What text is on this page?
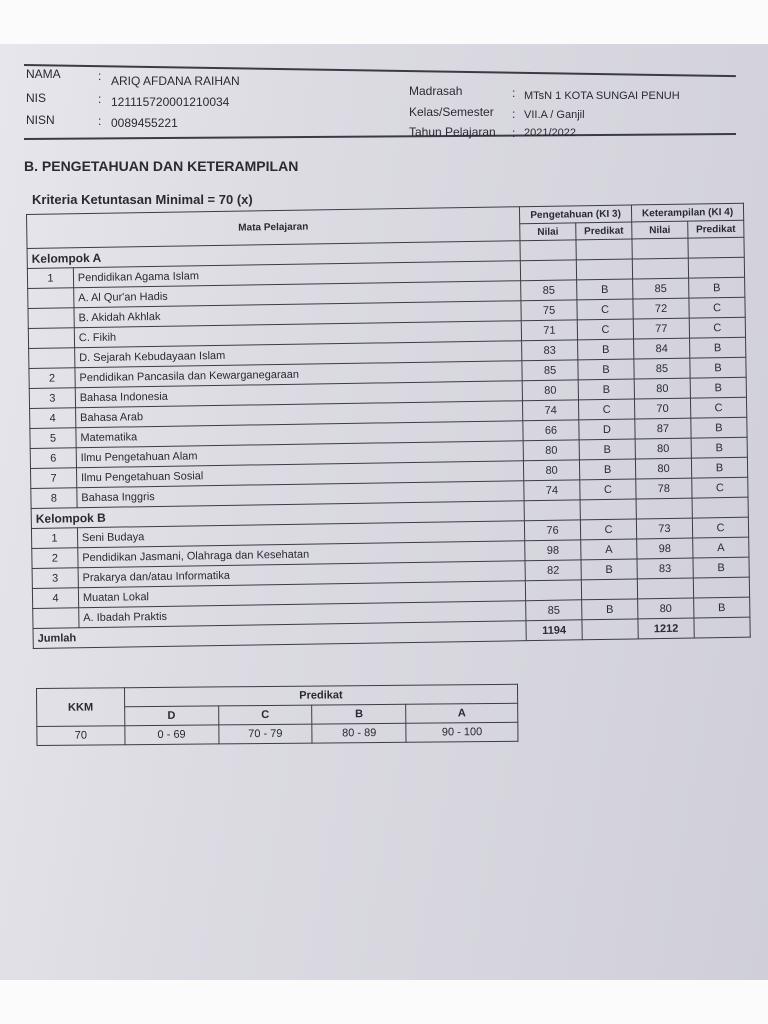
NAMA	: ARIQ AFDANA RAIHAN
NIS	: 121115720001210034
NISN	: 0089455221
Madrasah	: MTsN 1 KOTA SUNGAI PENUH
Kelas/Semester : VII.A / Ganjil
Tahun Pelajaran : 2021/2022
B. PENGETAHUAN DAN KETERAMPILAN
Kriteria Ketuntasan Minimal = 70 (x)
Mata Pelajaran		Pengetahuan (KI 3)		Keterampilan (KI 4)	
		Nilai	Predikat	Nilai	Predikat
Kelompok A					
1	Pendidikan Agama Islam				
	A. Al Qur'an Hadis	85	B	85	B
	B. Akidah Akhlak	75	C	72	C
	C. Fikih	71	C	77	C
	D. Sejarah Kebudayaan Islam	83	B	84	B
2	Pendidikan Pancasila dan Kewarganegaraan	85	B	85	B
3	Bahasa Indonesia	80	B	80	B
4	Bahasa Arab	74	C	70	C
5	Matematika	66	D	87	B
6	Ilmu Pengetahuan Alam	80	B	80	B
7	Ilmu Pengetahuan Sosial	80	B	80	B
8	Bahasa Inggris	74	C	78	C
Kelompok B					
1	Seni Budaya	76	C	73	C
2	Pendidikan Jasmani, Olahraga dan Kesehatan	98	A	98	A
3	Prakarya dan/atau Informatika	82	B	83	B
4	Muatan Lokal				
	A. Ibadah Praktis	85	B	80	B
Jumlah		1194		1212	
KKM	Predikat			
	D	C	B	A
70	0 - 69	70 - 79	80 - 89	90 - 100
